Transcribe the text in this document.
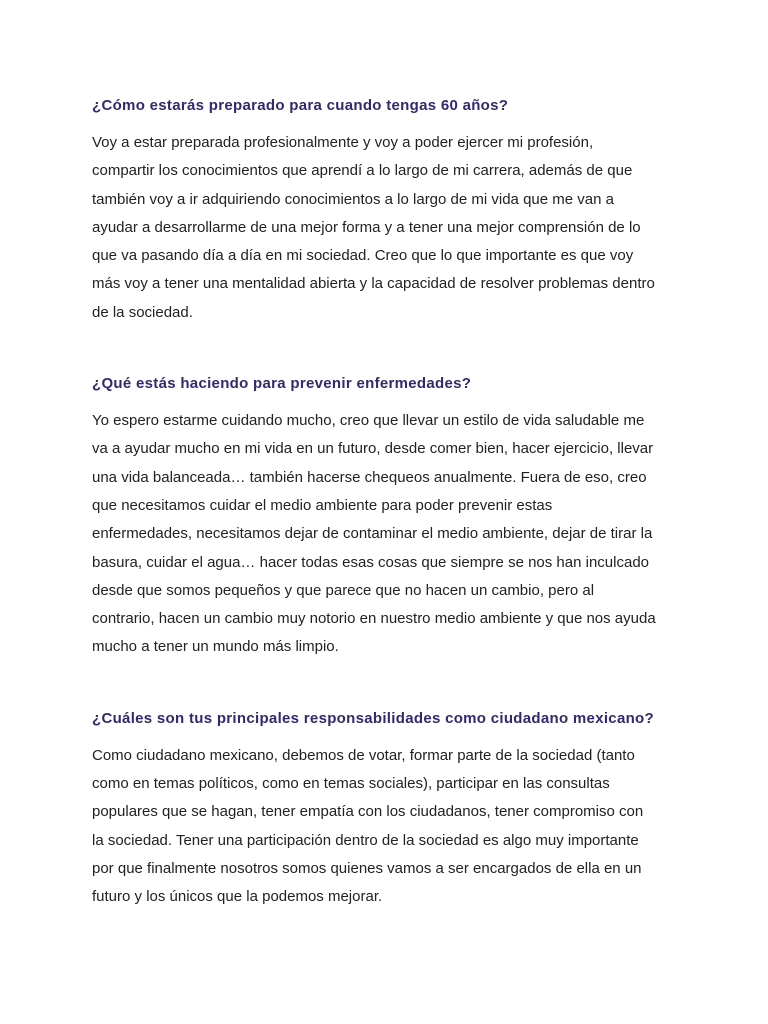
¿Cómo estarás preparado para cuando tengas 60 años?

Voy a estar preparada profesionalmente y voy a poder ejercer mi profesión,

compartir los conocimientos que aprendí a lo largo de mi carrera, además de que

también voy a ir adquiriendo conocimientos a lo largo de mi vida que me van a

ayudar a desarrollarme de una mejor forma y a tener una mejor comprensión de lo

que va pasando día a día en mi sociedad. Creo que lo que importante es que voy

más voy a tener una mentalidad abierta y la capacidad de resolver problemas dentro

de la sociedad.

¿Qué estás haciendo para prevenir enfermedades?

Yo espero estarme cuidando mucho, creo que llevar un estilo de vida saludable me

va a ayudar mucho en mi vida en un futuro, desde comer bien, hacer ejercicio, llevar

una vida balanceada… también hacerse chequeos anualmente. Fuera de eso, creo

que necesitamos cuidar el medio ambiente para poder prevenir estas

enfermedades, necesitamos dejar de contaminar el medio ambiente, dejar de tirar la

basura, cuidar el agua… hacer todas esas cosas que siempre se nos han inculcado

desde que somos pequeños y que parece que no hacen un cambio, pero al

contrario, hacen un cambio muy notorio en nuestro medio ambiente y que nos ayuda

mucho a tener un mundo más limpio.

¿Cuáles son tus principales responsabilidades como ciudadano mexicano?

Como ciudadano mexicano, debemos de votar, formar parte de la sociedad (tanto

como en temas políticos, como en temas sociales), participar en las consultas

populares que se hagan, tener empatía con los ciudadanos, tener compromiso con

la sociedad. Tener una participación dentro de la sociedad es algo muy importante

por que finalmente nosotros somos quienes vamos a ser encargados de ella en un

futuro y los únicos que la podemos mejorar.
